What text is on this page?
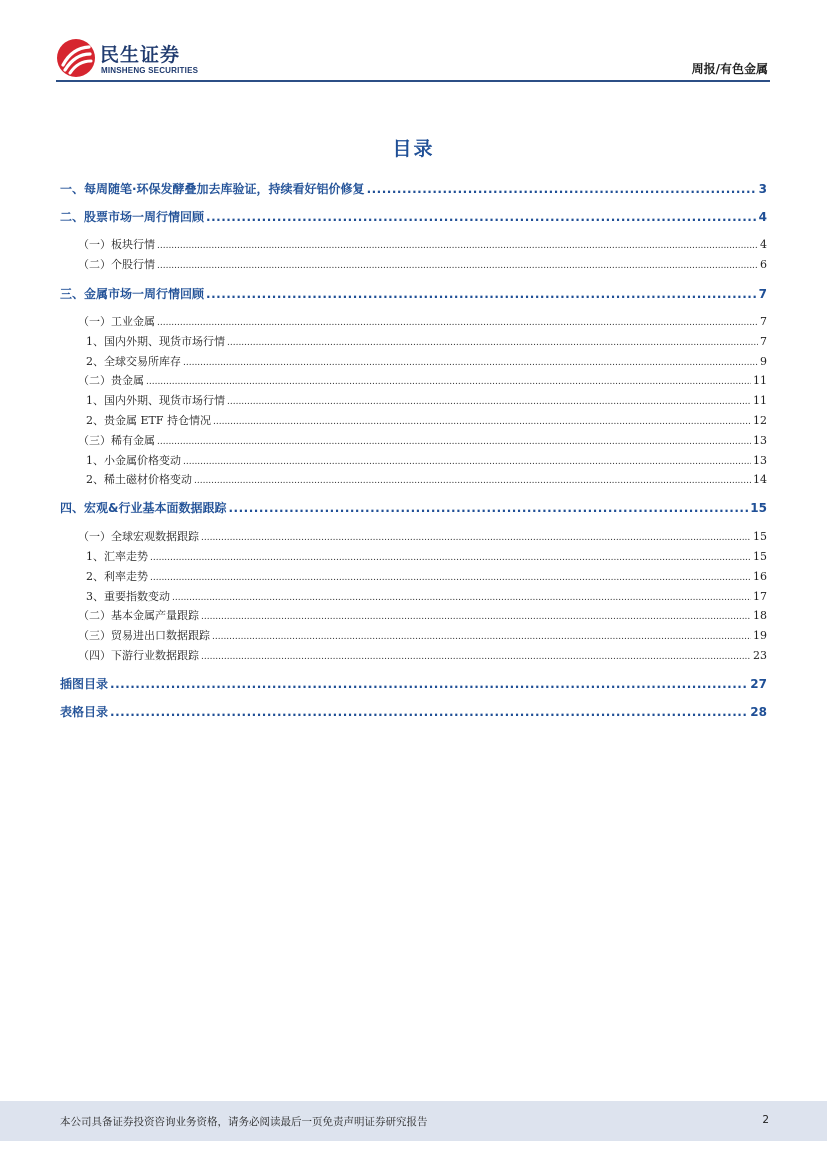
民生证券
MINSHENG SECURITIES	周报/有色金属
目录
一、每周随笔·环保发酵叠加去库验证，持续看好铝价修复 .....	3
二、股票市场一周行情回顾 .....	4
（一）板块行情 .....	4
（二）个股行情 .....	6
三、金属市场一周行情回顾 .....	7
（一）工业金属 .....	7
1、国内外期、现货市场行情 .....	7
2、全球交易所库存 .....	9
（二）贵金属 .....	11
1、国内外期、现货市场行情 .....	11
2、贵金属 ETF 持仓情况 .....	12
（三）稀有金属 .....	13
1、小金属价格变动 .....	13
2、稀土磁材价格变动 .....	14
四、宏观&行业基本面数据跟踪 .....	15
（一）全球宏观数据跟踪 .....	15
1、汇率走势 .....	15
2、利率走势 .....	16
3、重要指数变动 .....	17
（二）基本金属产量跟踪 .....	18
（三）贸易进出口数据跟踪 .....	19
（四）下游行业数据跟踪 .....	23
插图目录 .....	27
表格目录 .....	28
本公司具备证券投资咨询业务资格，请务必阅读最后一页免责声明证券研究报告	2
